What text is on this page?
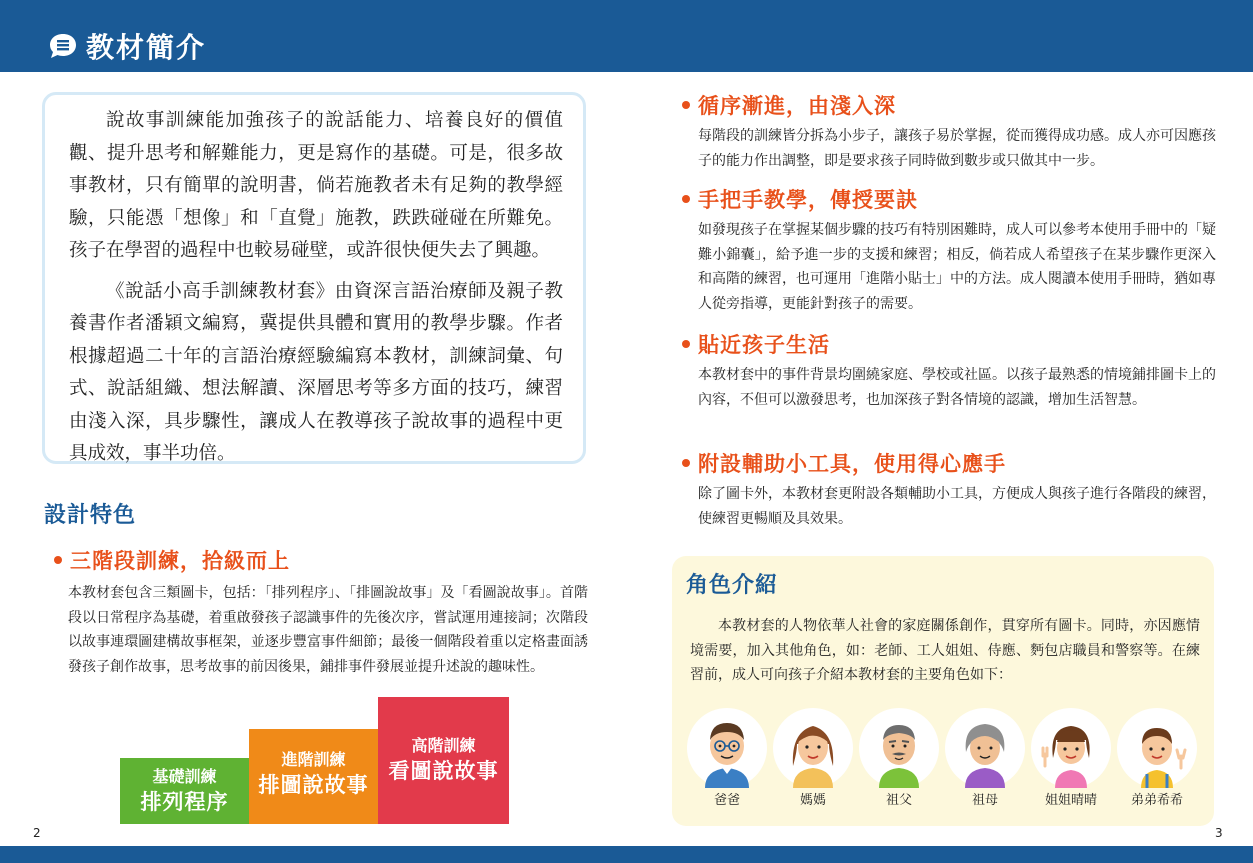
教材簡介

說故事訓練能加強孩子的說話能力、培養良好的價值觀、提升思考和解難能力，更是寫作的基礎。可是，很多故事教材，只有簡單的說明書，倘若施教者未有足夠的教學經驗，只能憑「想像」和「直覺」施教，跌跌碰碰在所難免。孩子在學習的過程中也較易碰壁，或許很快便失去了興趣。

《說話小高手訓練教材套》由資深言語治療師及親子教養書作者潘穎文編寫，冀提供具體和實用的教學步驟。作者根據超過二十年的言語治療經驗編寫本教材，訓練詞彙、句式、說話組織、想法解讀、深層思考等多方面的技巧，練習由淺入深，具步驟性，讓成人在教導孩子說故事的過程中更具成效，事半功倍。

設計特色
三階段訓練，拾級而上
本教材套包含三類圖卡，包括：「排列程序」、「排圖說故事」及「看圖說故事」。首階段以日常程序為基礎，着重啟發孩子認識事件的先後次序，嘗試運用連接詞；次階段以故事連環圖建構故事框架，並逐步豐富事件細節；最後一個階段着重以定格畫面誘發孩子創作故事，思考故事的前因後果，鋪排事件發展並提升述說的趣味性。
基礎訓練
排列程序
進階訓練
排圖說故事
高階訓練
看圖說故事
2
循序漸進，由淺入深
每階段的訓練皆分拆為小步子，讓孩子易於掌握，從而獲得成功感。成人亦可因應孩子的能力作出調整，即是要求孩子同時做到數步或只做其中一步。
手把手教學，傳授要訣
如發現孩子在掌握某個步驟的技巧有特別困難時，成人可以參考本使用手冊中的「疑難小錦囊」，給予進一步的支援和練習；相反，倘若成人希望孩子在某步驟作更深入和高階的練習，也可運用「進階小貼士」中的方法。成人閱讀本使用手冊時，猶如專人從旁指導，更能針對孩子的需要。
貼近孩子生活
本教材套中的事件背景均圍繞家庭、學校或社區。以孩子最熟悉的情境鋪排圖卡上的內容，不但可以激發思考，也加深孩子對各情境的認識，增加生活智慧。
附設輔助小工具，使用得心應手
除了圖卡外，本教材套更附設各類輔助小工具，方便成人與孩子進行各階段的練習，使練習更暢順及具效果。
角色介紹
本教材套的人物依華人社會的家庭關係創作，貫穿所有圖卡。同時，亦因應情境需要，加入其他角色，如：老師、工人姐姐、侍應、麪包店職員和警察等。在練習前，成人可向孩子介紹本教材套的主要角色如下：
爸爸	媽媽	祖父	祖母	姐姐晴晴	弟弟希希
3
